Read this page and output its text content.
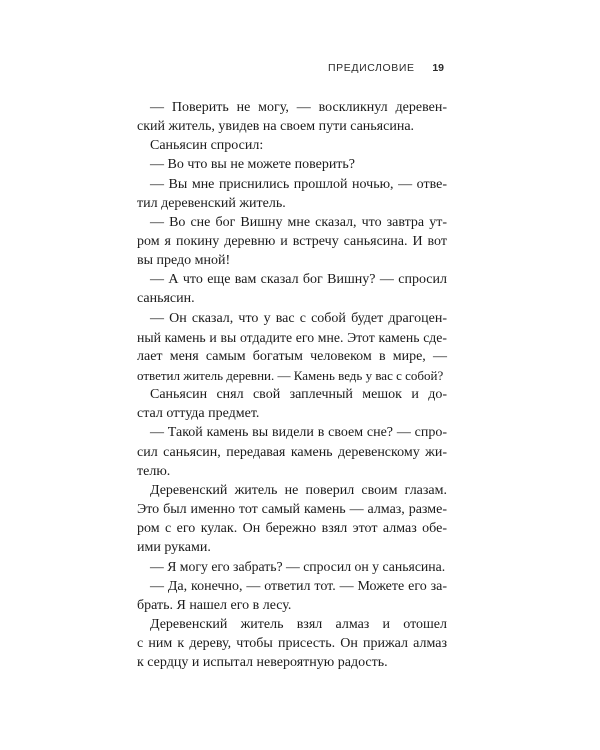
ПРЕДИСЛОВИЕ 19
— Поверить не могу, — воскликнул деревен-
ский житель, увидев на своем пути саньясина.
Саньясин спросил:
— Во что вы не можете поверить?
— Вы мне приснились прошлой ночью, — отве-
тил деревенский житель.
— Во сне бог Вишну мне сказал, что завтра ут-
ром я покину деревню и встречу саньясина. И вот
вы предо мной!
— А что еще вам сказал бог Вишну? — спросил
саньясин.
— Он сказал, что у вас с собой будет драгоцен-
ный камень и вы отдадите его мне. Этот камень сде-
лает меня самым богатым человеком в мире, —
ответил житель деревни. — Камень ведь у вас с собой?
Саньясин снял свой заплечный мешок и до-
стал оттуда предмет.
— Такой камень вы видели в своем сне? — спро-
сил саньясин, передавая камень деревенскому жи-
телю.
Деревенский житель не поверил своим глазам.
Это был именно тот самый камень — алмаз, разме-
ром с его кулак. Он бережно взял этот алмаз обе-
ими руками.
— Я могу его забрать? — спросил он у саньясина.
— Да, конечно, — ответил тот. — Можете его за-
брать. Я нашел его в лесу.
Деревенский житель взял алмаз и отошел
с ним к дереву, чтобы присесть. Он прижал алмаз
к сердцу и испытал невероятную радость.
